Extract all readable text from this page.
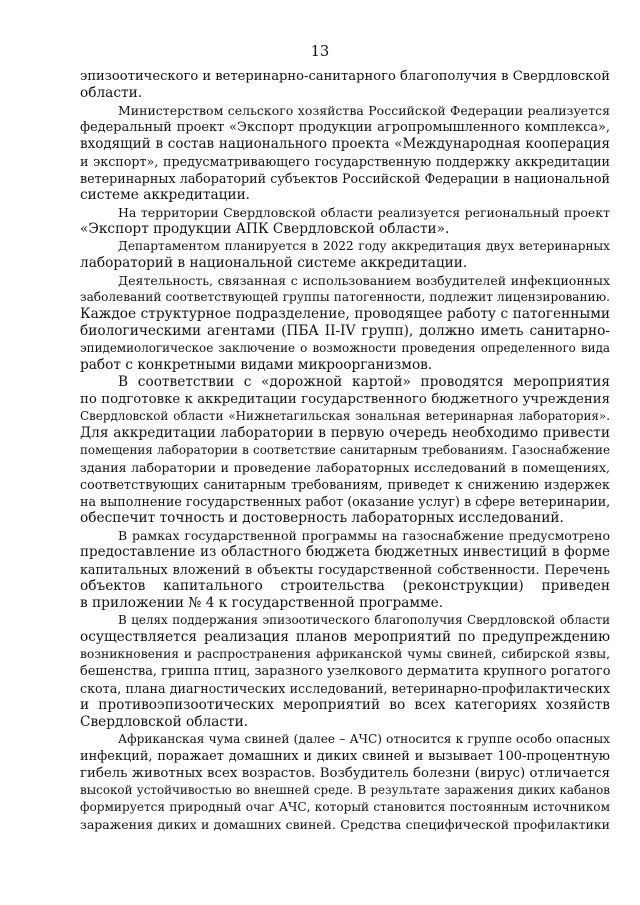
13
эпизоотического и ветеринарно-санитарного благополучия в Свердловской
области.
Министерством сельского хозяйства Российской Федерации реализуется
федеральный проект «Экспорт продукции агропромышленного комплекса»,
входящий в состав национального проекта «Международная кооперация
и экспорт», предусматривающего государственную поддержку аккредитации
ветеринарных лабораторий субъектов Российской Федерации в национальной
системе аккредитации.
На территории Свердловской области реализуется региональный проект
«Экспорт продукции АПК Свердловской области».
Департаментом планируется в 2022 году аккредитация двух ветеринарных
лабораторий в национальной системе аккредитации.
Деятельность, связанная с использованием возбудителей инфекционных
заболеваний соответствующей группы патогенности, подлежит лицензированию.
Каждое структурное подразделение, проводящее работу с патогенными
биологическими агентами (ПБА II-IV групп), должно иметь санитарно-
эпидемиологическое заключение о возможности проведения определенного вида
работ с конкретными видами микроорганизмов.
В соответствии с «дорожной картой» проводятся мероприятия
по подготовке к аккредитации государственного бюджетного учреждения
Свердловской области «Нижнетагильская зональная ветеринарная лаборатория».
Для аккредитации лаборатории в первую очередь необходимо привести
помещения лаборатории в соответствие санитарным требованиям. Газоснабжение
здания лаборатории и проведение лабораторных исследований в помещениях,
соответствующих санитарным требованиям, приведет к снижению издержек
на выполнение государственных работ (оказание услуг) в сфере ветеринарии,
обеспечит точность и достоверность лабораторных исследований.
В рамках государственной программы на газоснабжение предусмотрено
предоставление из областного бюджета бюджетных инвестиций в форме
капитальных вложений в объекты государственной собственности. Перечень
объектов капитального строительства (реконструкции) приведен
в приложении № 4 к государственной программе.
В целях поддержания эпизоотического благополучия Свердловской области
осуществляется реализация планов мероприятий по предупреждению
возникновения и распространения африканской чумы свиней, сибирской язвы,
бешенства, гриппа птиц, заразного узелкового дерматита крупного рогатого
скота, плана диагностических исследований, ветеринарно-профилактических
и противоэпизоотических мероприятий во всех категориях хозяйств
Свердловской области.
Африканская чума свиней (далее – АЧС) относится к группе особо опасных
инфекций, поражает домашних и диких свиней и вызывает 100-процентную
гибель животных всех возрастов. Возбудитель болезни (вирус) отличается
высокой устойчивостью во внешней среде. В результате заражения диких кабанов
формируется природный очаг АЧС, который становится постоянным источником
заражения диких и домашних свиней. Средства специфической профилактики
